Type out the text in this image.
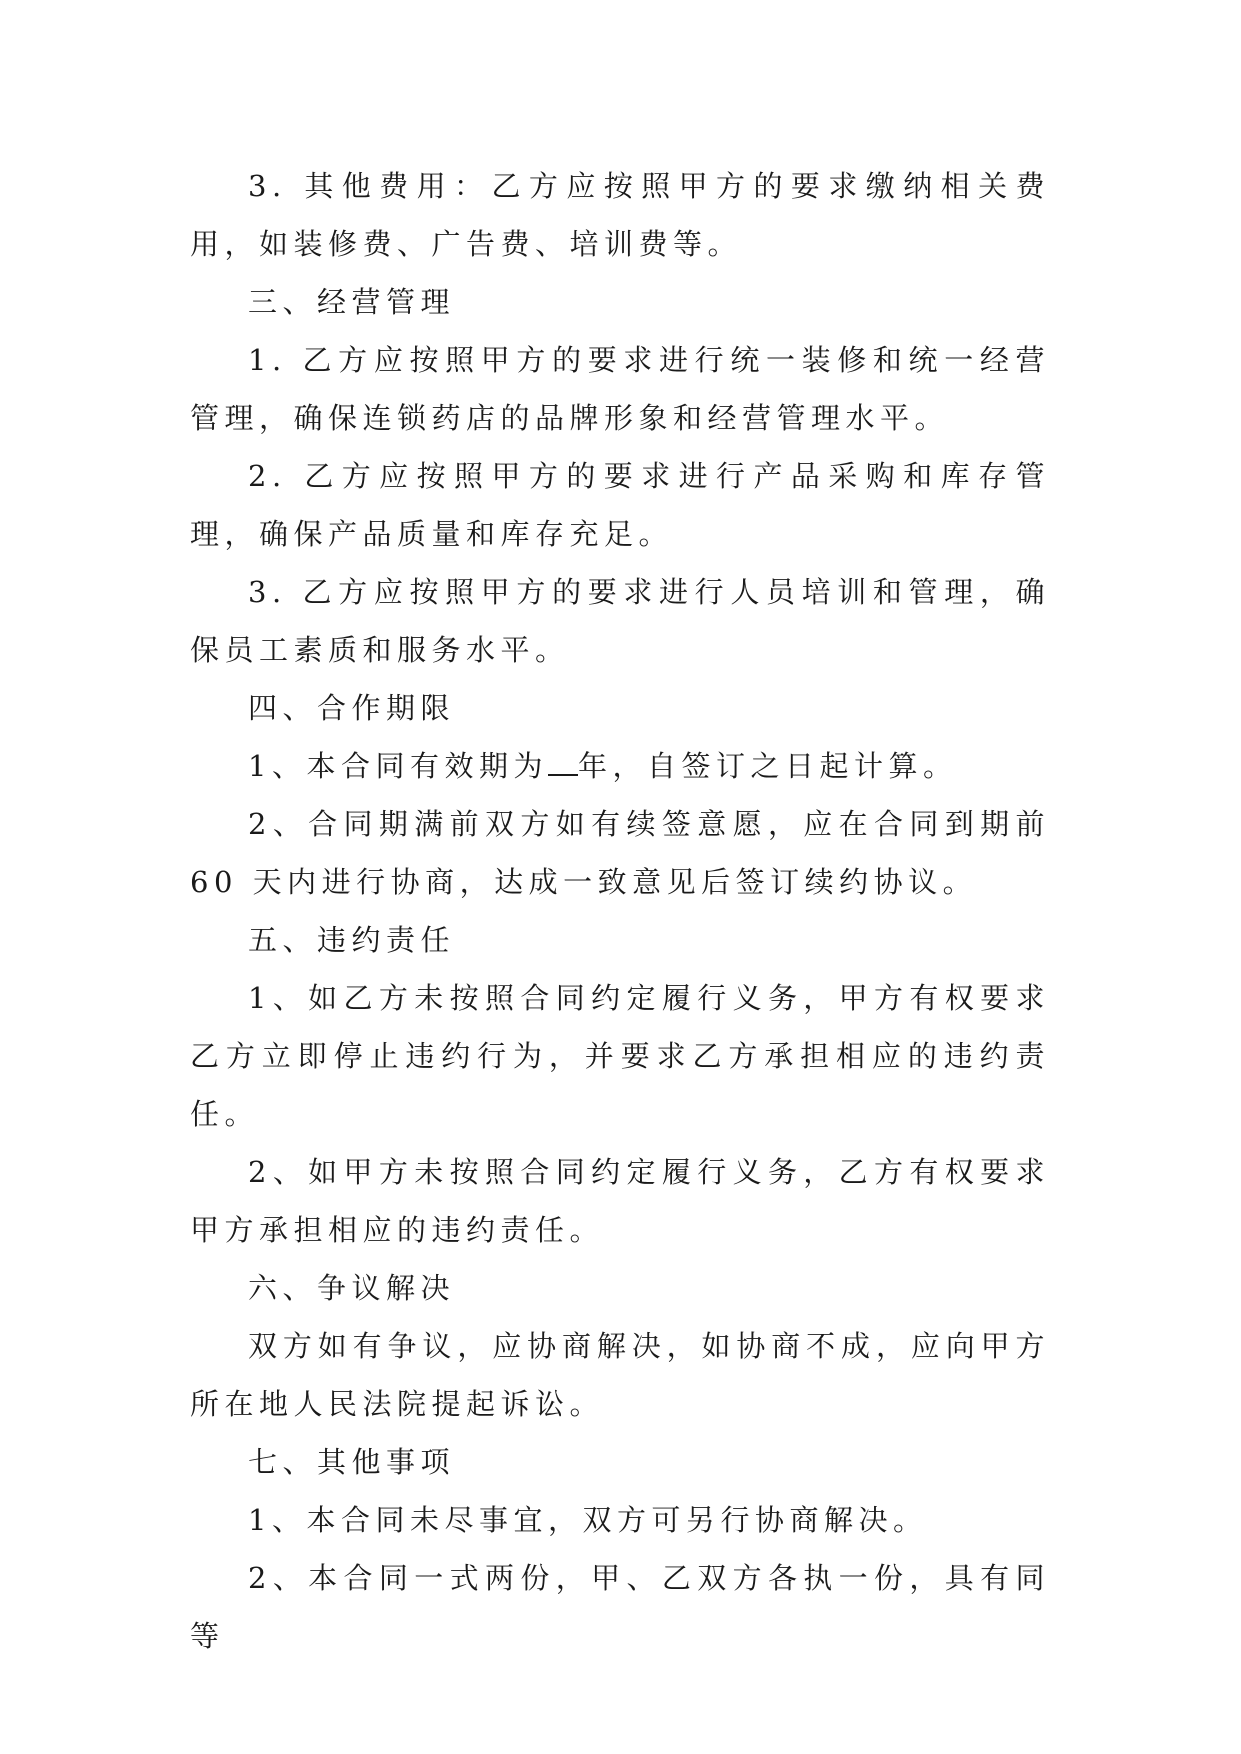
3. 其他费用：乙方应按照甲方的要求缴纳相关费用，如装修费、广告费、培训费等。

三、经营管理

1. 乙方应按照甲方的要求进行统一装修和统一经营管理，确保连锁药店的品牌形象和经营管理水平。

2. 乙方应按照甲方的要求进行产品采购和库存管理，确保产品质量和库存充足。

3. 乙方应按照甲方的要求进行人员培训和管理，确保员工素质和服务水平。

四、合作期限

1、本合同有效期为 年，自签订之日起计算。

2、合同期满前双方如有续签意愿，应在合同到期前 60 天内进行协商，达成一致意见后签订续约协议。

五、违约责任

1、如乙方未按照合同约定履行义务，甲方有权要求乙方立即停止违约行为，并要求乙方承担相应的违约责任。

2、如甲方未按照合同约定履行义务，乙方有权要求甲方承担相应的违约责任。

六、争议解决

双方如有争议，应协商解决，如协商不成，应向甲方所在地人民法院提起诉讼。

七、其他事项

1、本合同未尽事宜，双方可另行协商解决。

2、本合同一式两份，甲、乙双方各执一份，具有同等
